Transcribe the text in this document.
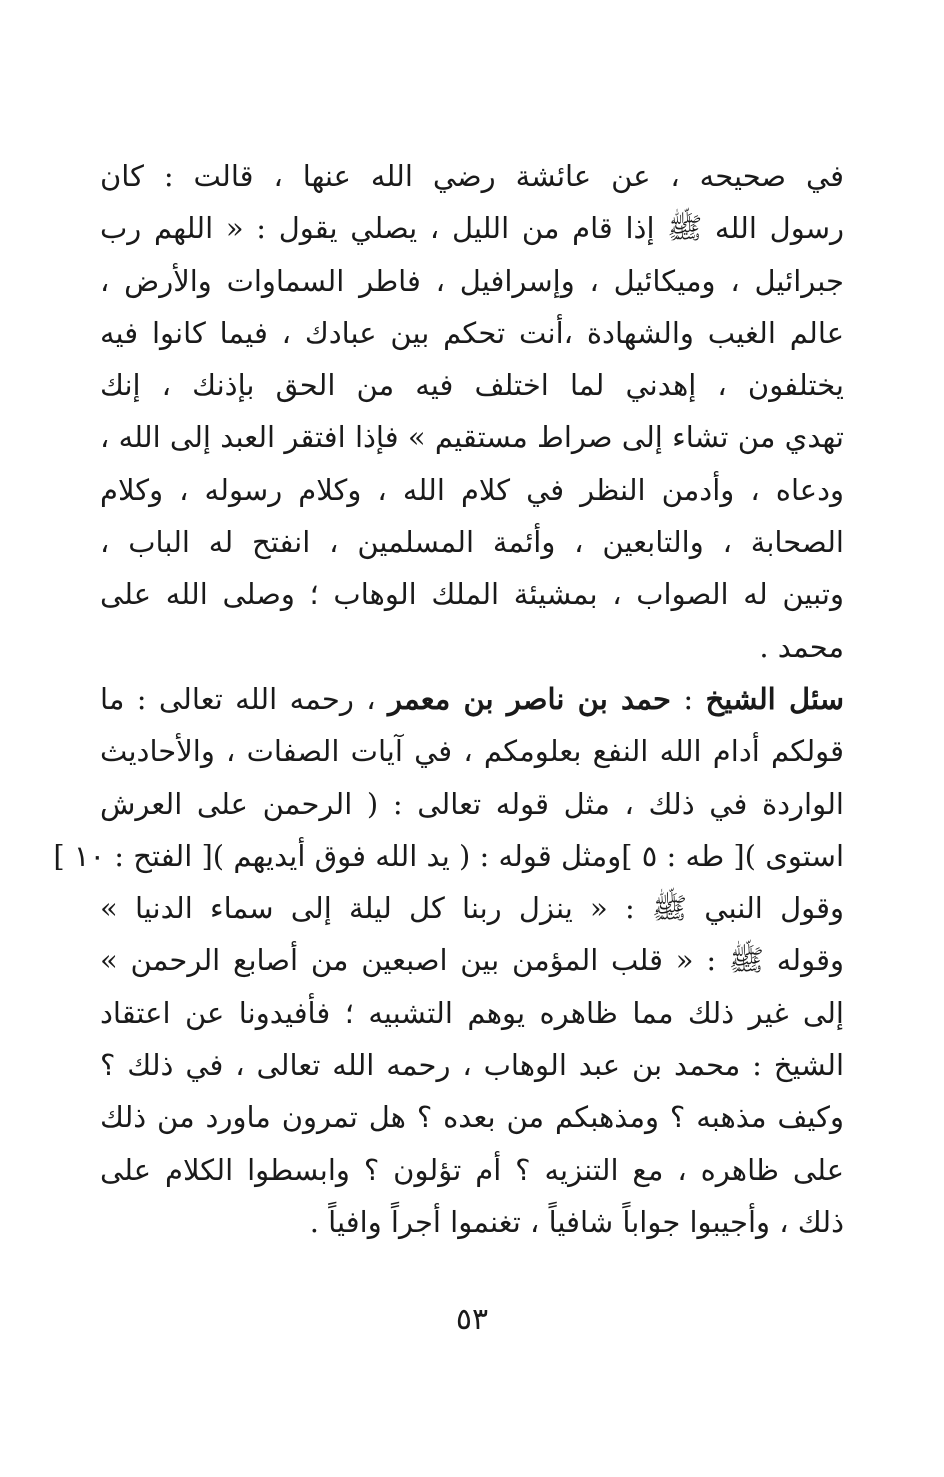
في صحيحه ، عن عائشة رضي الله عنها ، قالت : كان
رسول الله ﷺ إذا قام من الليل ، يصلي يقول : « اللهم رب
جبرائيل ، وميكائيل ، وإسرافيل ، فاطر السماوات والأرض ،
عالم الغيب والشهادة ،أنت تحكم بين عبادك ، فيما كانوا فيه
يختلفون ، إهدني لما اختلف فيه من الحق بإذنك ، إنك
تهدي من تشاء إلى صراط مستقيم » فإذا افتقر العبد إلى الله ،
ودعاه ، وأدمن النظر في كلام الله ، وكلام رسوله ، وكلام
الصحابة ، والتابعين ، وأئمة المسلمين ، انفتح له الباب ،
وتبين له الصواب ، بمشيئة الملك الوهاب ؛ وصلى الله على
محمد .
سئل الشيخ : حمد بن ناصر بن معمر ، رحمه الله تعالى : ما
قولكم أدام الله النفع بعلومكم ، في آيات الصفات ، والأحاديث
الواردة في ذلك ، مثل قوله تعالى : ( الرحمن على العرش
استوى )[ طه : ٥ ]ومثل قوله : ( يد الله فوق أيديهم )[ الفتح : ١٠ ]
وقول النبي ﷺ : « ينزل ربنا كل ليلة إلى سماء الدنيا »
وقوله ﷺ : « قلب المؤمن بين اصبعين من أصابع الرحمن »
إلى غير ذلك مما ظاهره يوهم التشبيه ؛ فأفيدونا عن اعتقاد
الشيخ : محمد بن عبد الوهاب ، رحمه الله تعالى ، في ذلك ؟
وكيف مذهبه ؟ ومذهبكم من بعده ؟ هل تمرون ماورد من ذلك
على ظاهره ، مع التنزيه ؟ أم تؤلون ؟ وابسطوا الكلام على
ذلك ، وأجيبوا جواباً شافياً ، تغنموا أجراً وافياً .
٥٣
